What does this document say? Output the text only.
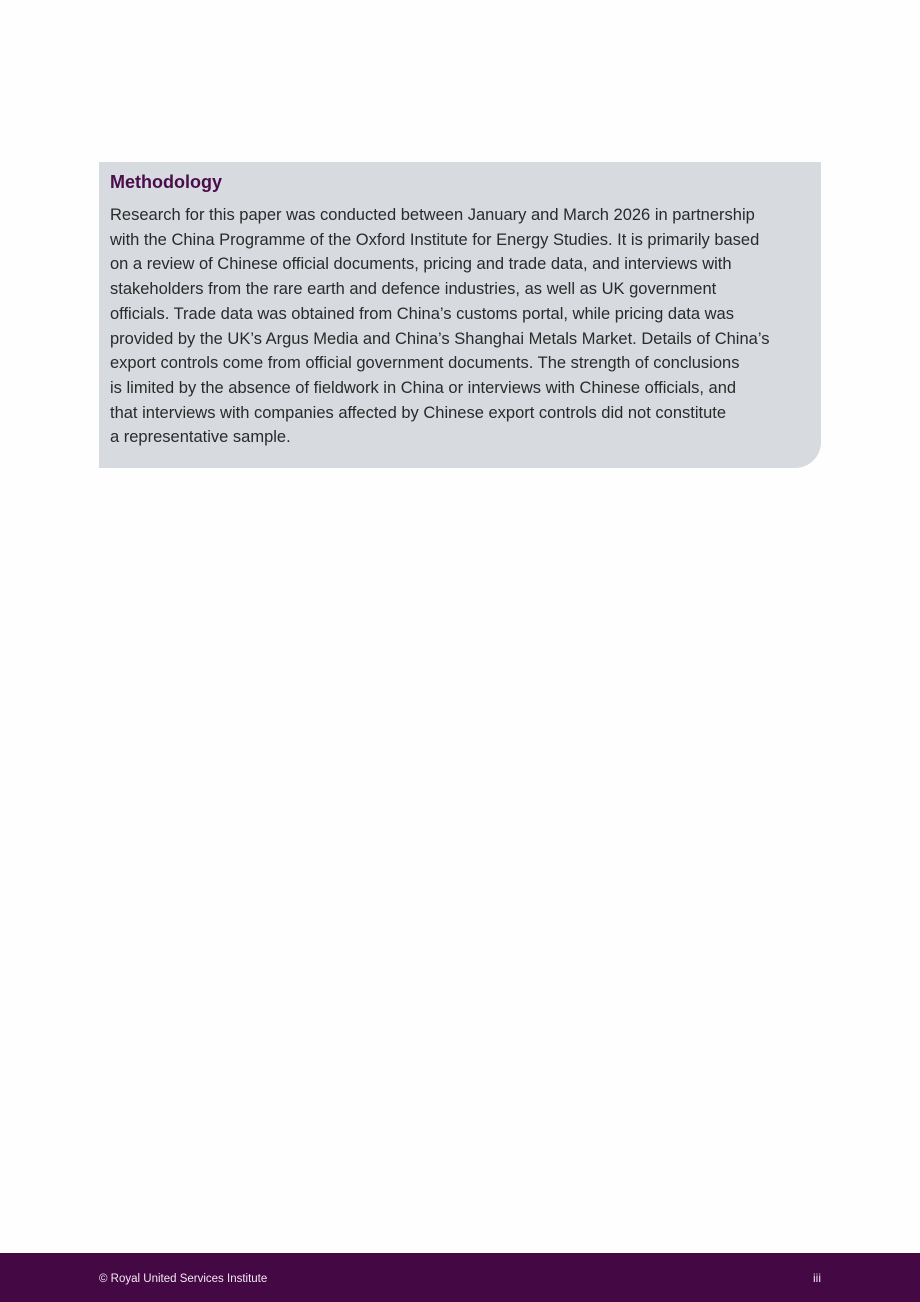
Methodology

Research for this paper was conducted between January and March 2026 in partnership
with the China Programme of the Oxford Institute for Energy Studies. It is primarily based
on a review of Chinese official documents, pricing and trade data, and interviews with
stakeholders from the rare earth and defence industries, as well as UK government
officials. Trade data was obtained from China’s customs portal, while pricing data was
provided by the UK’s Argus Media and China’s Shanghai Metals Market. Details of China’s
export controls come from official government documents. The strength of conclusions
is limited by the absence of fieldwork in China or interviews with Chinese officials, and
that interviews with companies affected by Chinese export controls did not constitute
a representative sample.

© Royal United Services Institute	iii
